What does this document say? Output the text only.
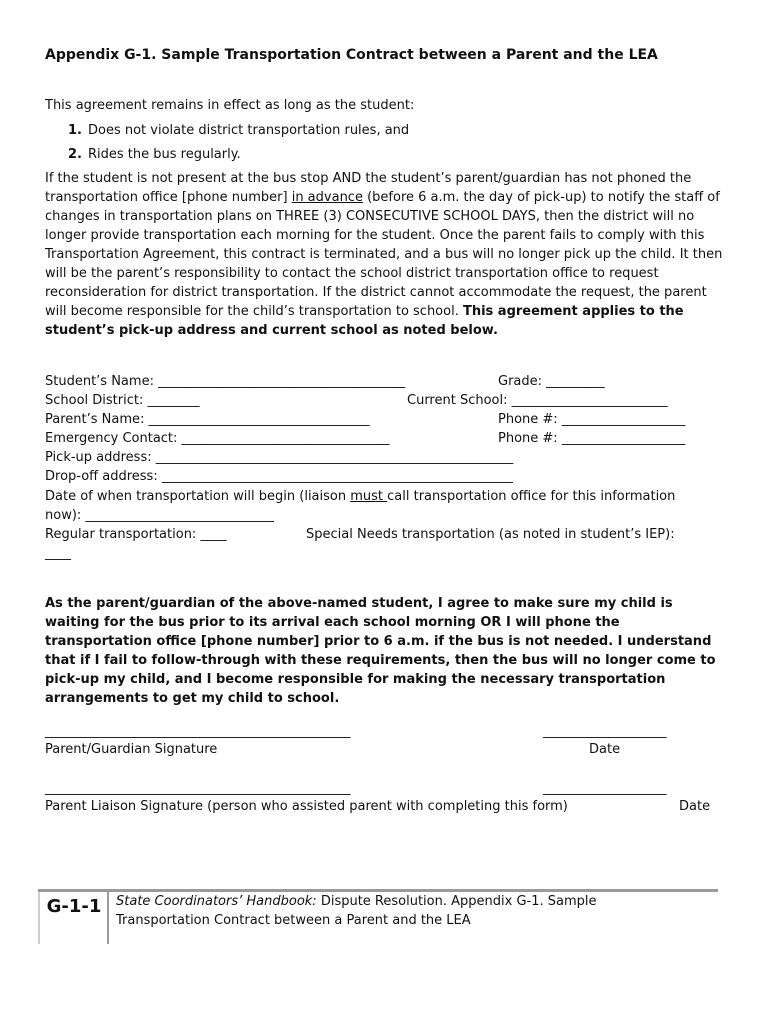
Appendix G-1. Sample Transportation Contract between a Parent and the LEA
This agreement remains in effect as long as the student:
1. Does not violate district transportation rules, and
2. Rides the bus regularly.
If the student is not present at the bus stop AND the student’s parent/guardian has not phoned the transportation office [phone number] in advance (before 6 a.m. the day of pick-up) to notify the staff of changes in transportation plans on THREE (3) CONSECUTIVE SCHOOL DAYS, then the district will no longer provide transportation each morning for the student. Once the parent fails to comply with this Transportation Agreement, this contract is terminated, and a bus will no longer pick up the child. It then will be the parent’s responsibility to contact the school district transportation office to request reconsideration for district transportation. If the district cannot accommodate the request, the parent will become responsible for the child’s transportation to school. This agreement applies to the student’s pick-up address and current school as noted below.
Student’s Name: ______________________________________	Grade: _________
School District: ________	Current School: ________________________
Parent’s Name: __________________________________	Phone #: ___________________
Emergency Contact: ________________________________	Phone #: ___________________
Pick-up address: _______________________________________________________
Drop-off address: ______________________________________________________
Date of when transportation will begin (liaison must call transportation office for this information
now): _____________________________
Regular transportation: ____	Special Needs transportation (as noted in student’s IEP):
____
As the parent/guardian of the above-named student, I agree to make sure my child is waiting for the bus prior to its arrival each school morning OR I will phone the transportation office [phone number] prior to 6 a.m. if the bus is not needed. I understand that if I fail to follow-through with these requirements, then the bus will no longer come to pick-up my child, and I become responsible for making the necessary transportation arrangements to get my child to school.
_______________________________________________	___________________
Parent/Guardian Signature	Date
_______________________________________________	___________________
Parent Liaison Signature (person who assisted parent with completing this form)	Date
G-1-1 State Coordinators’ Handbook: Dispute Resolution. Appendix G-1. Sample Transportation Contract between a Parent and the LEA
